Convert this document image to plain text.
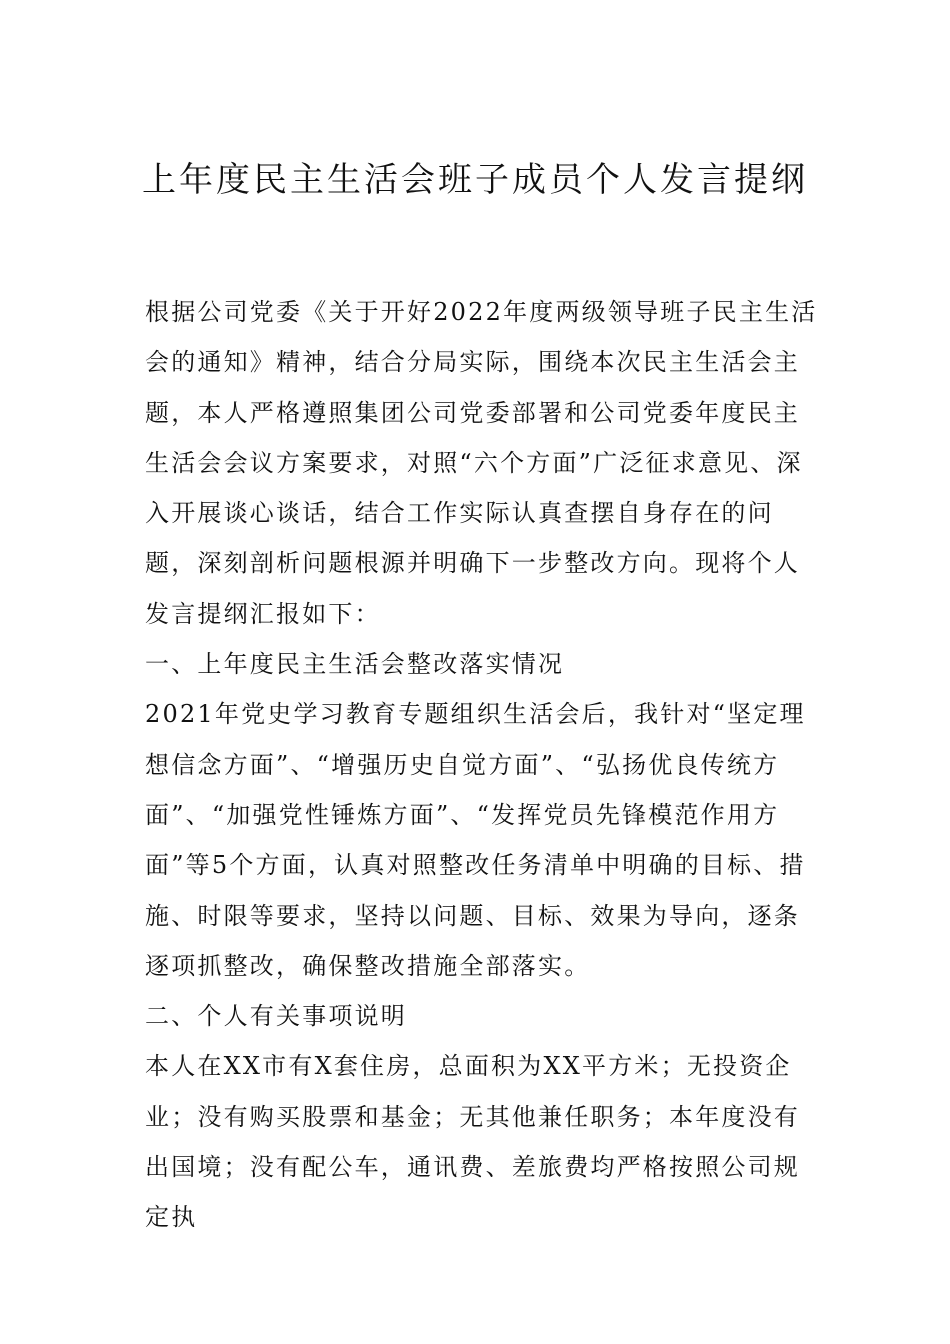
上年度民主生活会班子成员个人发言提纲

根据公司党委《关于开好2022年度两级领导班子民主生活会的通知》精神，结合分局实际，围绕本次民主生活会主题，本人严格遵照集团公司党委部署和公司党委年度民主生活会会议方案要求，对照“六个方面”广泛征求意见、深入开展谈心谈话，结合工作实际认真查摆自身存在的问题，深刻剖析问题根源并明确下一步整改方向。现将个人发言提纲汇报如下：

一、上年度民主生活会整改落实情况

2021年党史学习教育专题组织生活会后，我针对“坚定理想信念方面”、“增强历史自觉方面”、“弘扬优良传统方面”、“加强党性锤炼方面”、“发挥党员先锋模范作用方面”等5个方面，认真对照整改任务清单中明确的目标、措施、时限等要求，坚持以问题、目标、效果为导向，逐条逐项抓整改，确保整改措施全部落实。

二、个人有关事项说明

本人在XX市有X套住房，总面积为XX平方米；无投资企业；没有购买股票和基金；无其他兼任职务；本年度没有出国境；没有配公车，通讯费、差旅费均严格按照公司规定执
